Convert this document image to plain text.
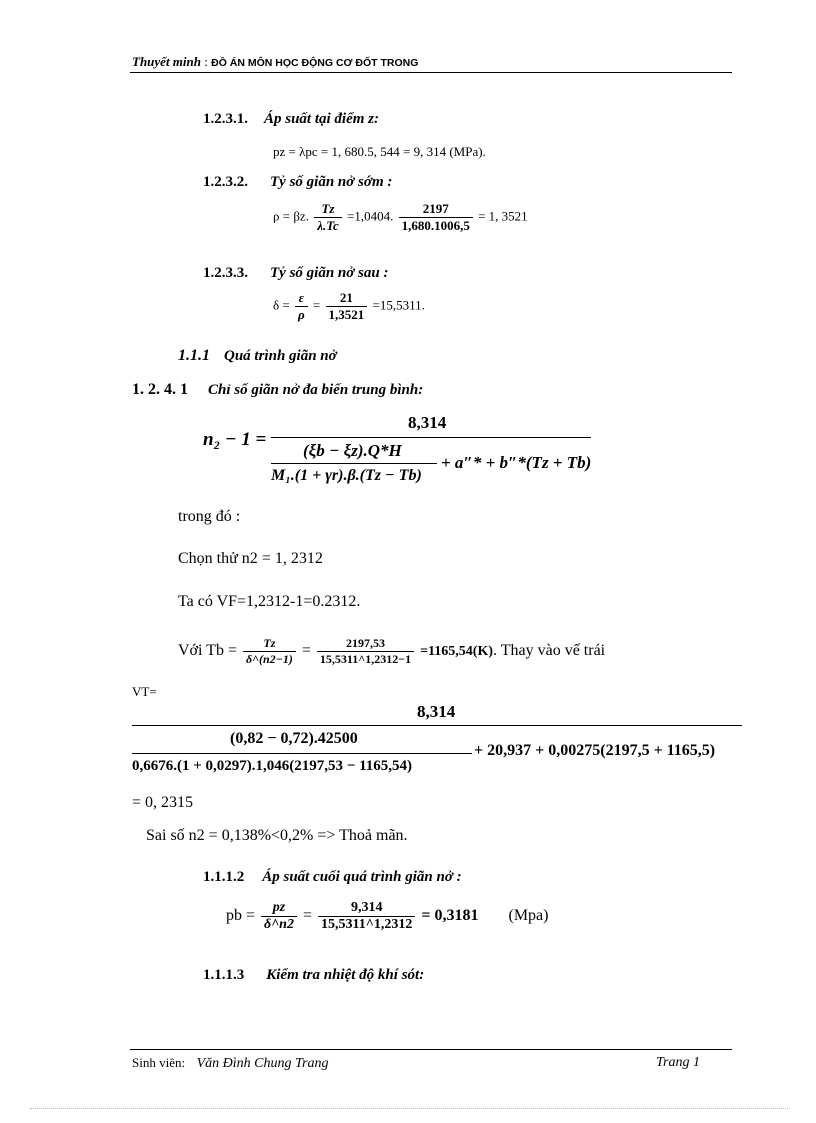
Thuyết minh : ĐỒ ÁN MÔN HỌC ĐỘNG CƠ ĐỐT TRONG
1.2.3.1. Áp suất tại điểm z:
pz = λpc = 1, 680.5, 544 = 9, 314 (MPa).
1.2.3.2. Tỷ số giãn nở sớm :
ρ = βz. $\frac{Tz}{\lambda.Tc} =1,0404$. $\frac{2197}{1,680.1006,5} = 1$, 3521
1.2.3.3. Tỷ số giãn nở sau :
$\delta = \frac{\varepsilon}{\rho} = \frac{21}{1,3521} =15,5311$.
1.1.1 Quá trình giãn nở
1. 2. 4. 1 Chỉ số giãn nở đa biến trung bình:
n₂ − 1 =
8,314
(ξb − ξz).Q*H
M₁.(1 + γr).β.(Tz − Tb)
+ a″* + b″*(Tz + Tb)
trong đó :
Chọn thử n2 = 1, 2312
Ta có VF=1,2312-1=0.2312.
Với $Tb = \frac{Tz}{\delta\^{}(n2-1)} = \frac{2197,53}{15,5311\^{}1,2312-1} =1165,54(K)$. Thay vào vế trái
VT=
8,314
(0,82 − 0,72).42500
0,6676.(1 + 0,0297).1,046(2197,53 − 1165,54)
+ 20,937 + 0,00275(2197,5 + 1165,5)
= 0, 2315
Sai số n2 = 0,138%<0,2% => Thoả mãn.
1.1.1.2 Áp suất cuối quá trình giãn nở :
pb = $\frac{pz}{\delta\^{}n2} = \frac{9,314}{15,5311\^{}1,2312} = 0,3181$ (Mpa)
1.1.1.3 Kiểm tra nhiệt độ khí sót:
Sinh viên: Văn Đình Chung Trang	Trang 1
